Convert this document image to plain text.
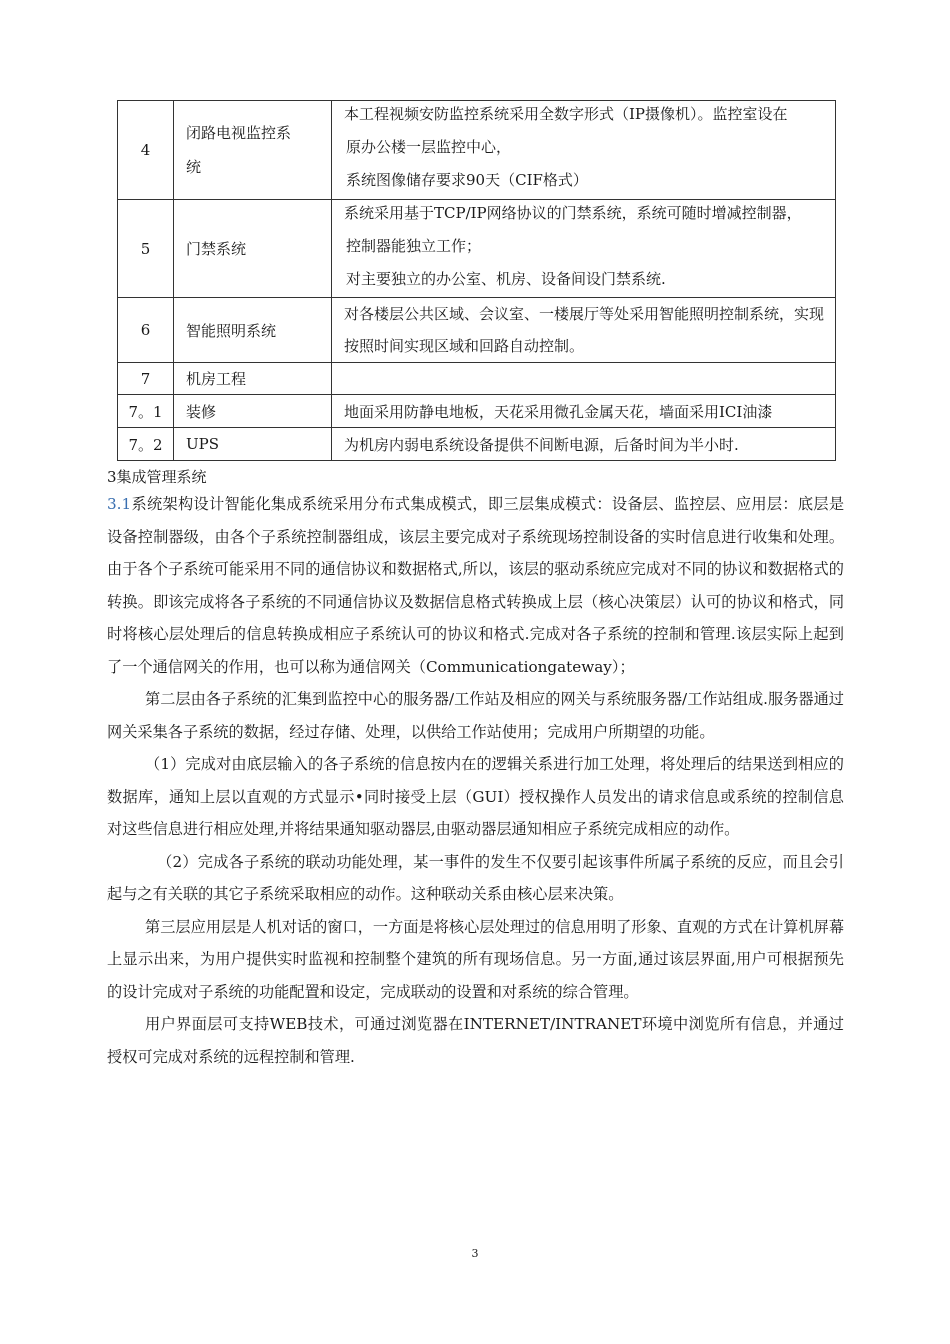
4	闭路电视监控系统	本工程视频安防监控系统采用全数字形式（IP摄像机）。监控室设在

原办公楼一层监控中心，

系统图像储存要求90天（CIF格式）

5	门禁系统	系统采用基于TCP/IP网络协议的门禁系统，系统可随时增减控制器，

控制器能独立工作；

对主要独立的办公室、机房、设备间设门禁系统.

6	智能照明系统	对各楼层公共区域、会议室、一楼展厅等处采用智能照明控制系统，实现按照时间实现区域和回路自动控制。

7	机房工程	
7。1	装修	地面采用防静电地板，天花采用微孔金属天花，墙面采用ICI油漆
7。2	UPS	为机房内弱电系统设备提供不间断电源，后备时间为半小时.
3集成管理系统

3.1系统架构设计智能化集成系统采用分布式集成模式，即三层集成模式：设备层、监控层、应用层：底层是设备控制器级，由各个子系统控制器组成，该层主要完成对子系统现场控制设备的实时信息进行收集和处理。由于各个子系统可能采用不同的通信协议和数据格式,所以，该层的驱动系统应完成对不同的协议和数据格式的转换。即该完成将各子系统的不同通信协议及数据信息格式转换成上层（核心决策层）认可的协议和格式，同时将核心层处理后的信息转换成相应子系统认可的协议和格式.完成对各子系统的控制和管理.该层实际上起到了一个通信网关的作用，也可以称为通信网关（Communicationgateway）；

第二层由各子系统的汇集到监控中心的服务器/工作站及相应的网关与系统服务器/工作站组成.服务器通过网关采集各子系统的数据，经过存储、处理，以供给工作站使用；完成用户所期望的功能。

（1）完成对由底层输入的各子系统的信息按内在的逻辑关系进行加工处理，将处理后的结果送到相应的数据库，通知上层以直观的方式显示•同时接受上层（GUI）授权操作人员发出的请求信息或系统的控制信息对这些信息进行相应处理,并将结果通知驱动器层,由驱动器层通知相应子系统完成相应的动作。

（2）完成各子系统的联动功能处理，某一事件的发生不仅要引起该事件所属子系统的反应，而且会引起与之有关联的其它子系统采取相应的动作。这种联动关系由核心层来决策。

第三层应用层是人机对话的窗口，一方面是将核心层处理过的信息用明了形象、直观的方式在计算机屏幕上显示出来，为用户提供实时监视和控制整个建筑的所有现场信息。另一方面,通过该层界面,用户可根据预先的设计完成对子系统的功能配置和设定，完成联动的设置和对系统的综合管理。

用户界面层可支持WEB技术，可通过浏览器在INTERNET/INTRANET环境中浏览所有信息，并通过授权可完成对系统的远程控制和管理.

3
